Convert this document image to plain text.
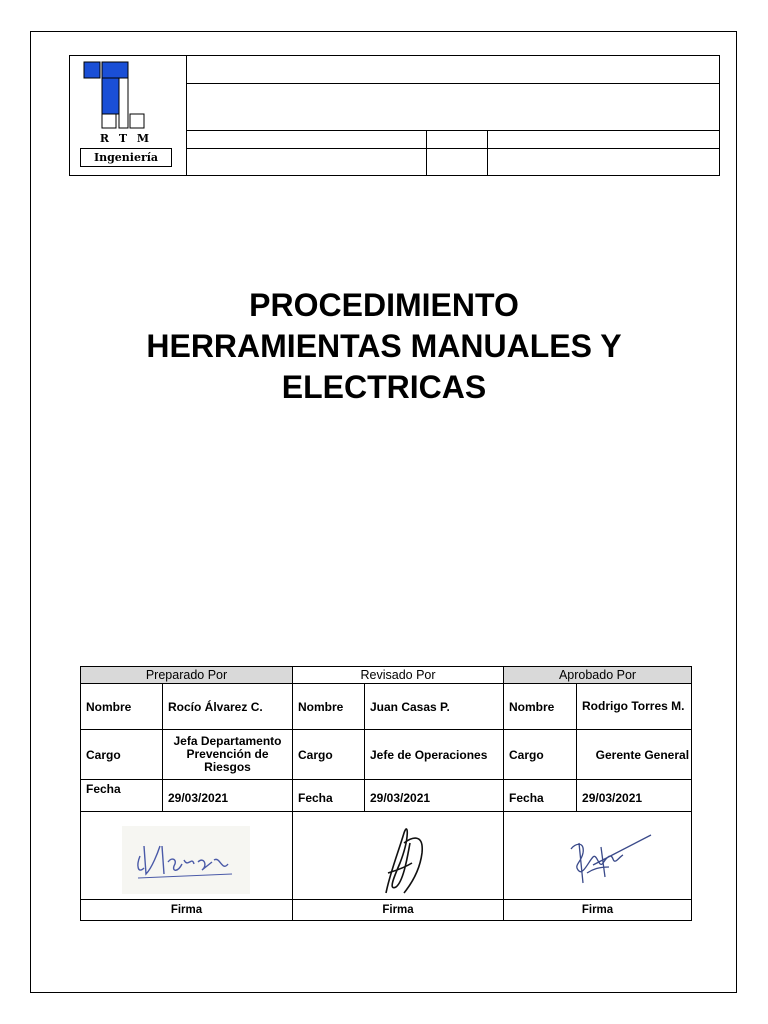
R T M
Ingeniería
PROCEDIMIENTO
HERRAMIENTAS MANUALES Y
ELECTRICAS
Preparado Por		Revisado Por		Aprobado Por	
Nombre	Rocío Álvarez C.	Nombre	Juan Casas P.	Nombre	Rodrigo Torres M.
Cargo	Jefa Departamento Prevención de Riesgos	Cargo	Jefe de Operaciones	Cargo	Gerente General
Fecha	29/03/2021	Fecha	29/03/2021	Fecha	29/03/2021

Firma		Firma		Firma	
